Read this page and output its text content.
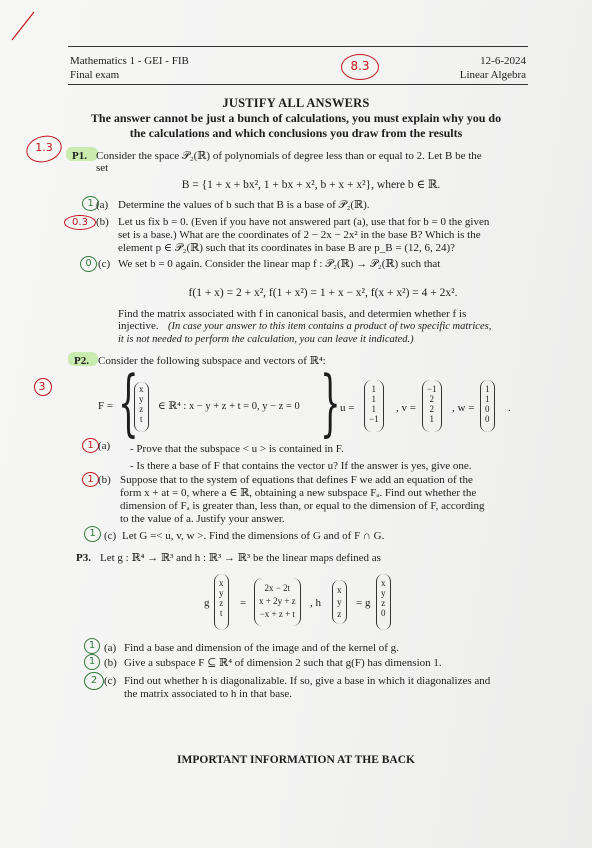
Mathematics 1 - GEI - FIB
Final exam
12-6-2024
Linear Algebra
8.3
JUSTIFY ALL ANSWERS
The answer cannot be just a bunch of calculations, you must explain why you do
the calculations and which conclusions you draw from the results
1.3
P1. Consider the space 𝒫₂(ℝ) of polynomials of degree less than or equal to 2. Let B be the
set
B = {1 + x + bx², 1 + bx + x², b + x + x²}, where b ∈ ℝ.
1 (a) Determine the values of b such that B is a base of 𝒫₂(ℝ).
0.3 (b) Let us fix b = 0. (Even if you have not answered part (a), use that for b = 0 the given
set is a base.) What are the coordinates of 2 − 2x − 2x² in the base B? Which is the
element p ∈ 𝒫₂(ℝ) such that its coordinates in base B are p_B = (12, 6, 24)?
0 (c) We set b = 0 again. Consider the linear map f : 𝒫₂(ℝ) → 𝒫₂(ℝ) such that
f(1 + x) = 2 + x², f(1 + x²) = 1 + x − x², f(x + x²) = 4 + 2x².
Find the matrix associated with f in canonical basis, and determien whether f is
injective. (In case your answer to this item contains a product of two specific matrices,
it is not needed to perform the calculation, you can leave it indicated.)
P2. Consider the following subspace and vectors of ℝ⁴:
3
F = { x
y
z
t
∈ ℝ⁴ : x − y + z + t = 0, y − z = 0 } u =
1
1
1
−1
, v =
−1
2
2
1
, w =
1
1
0
0
.
1 (a) - Prove that the subspace < u > is contained in F.
- Is there a base of F that contains the vector u? If the answer is yes, give one.
1 (b) Suppose that to the system of equations that defines F we add an equation of the
form x + at = 0, where a ∈ ℝ, obtaining a new subspace Fₐ. Find out whether the
dimension of Fₐ is greater than, less than, or equal to the dimension of F, according
to the value of a. Justify your answer.
1 (c) Let G =< u, v, w >. Find the dimensions of G and of F ∩ G.
P3. Let g : ℝ⁴ → ℝ³ and h : ℝ³ → ℝ³ be the linear maps defined as
g
x
y
z
t
=
2x − 2t
x + 2y + z
−x + z + t
, h
x
y
z
= g
x
y
z
0
1 (a) Find a base and dimension of the image and of the kernel of g.
1 (b) Give a subspace F ⊆ ℝ⁴ of dimension 2 such that g(F) has dimension 1.
2 (c) Find out whether h is diagonalizable. If so, give a base in which it diagonalizes and
the matrix associated to h in that base.
IMPORTANT INFORMATION AT THE BACK
